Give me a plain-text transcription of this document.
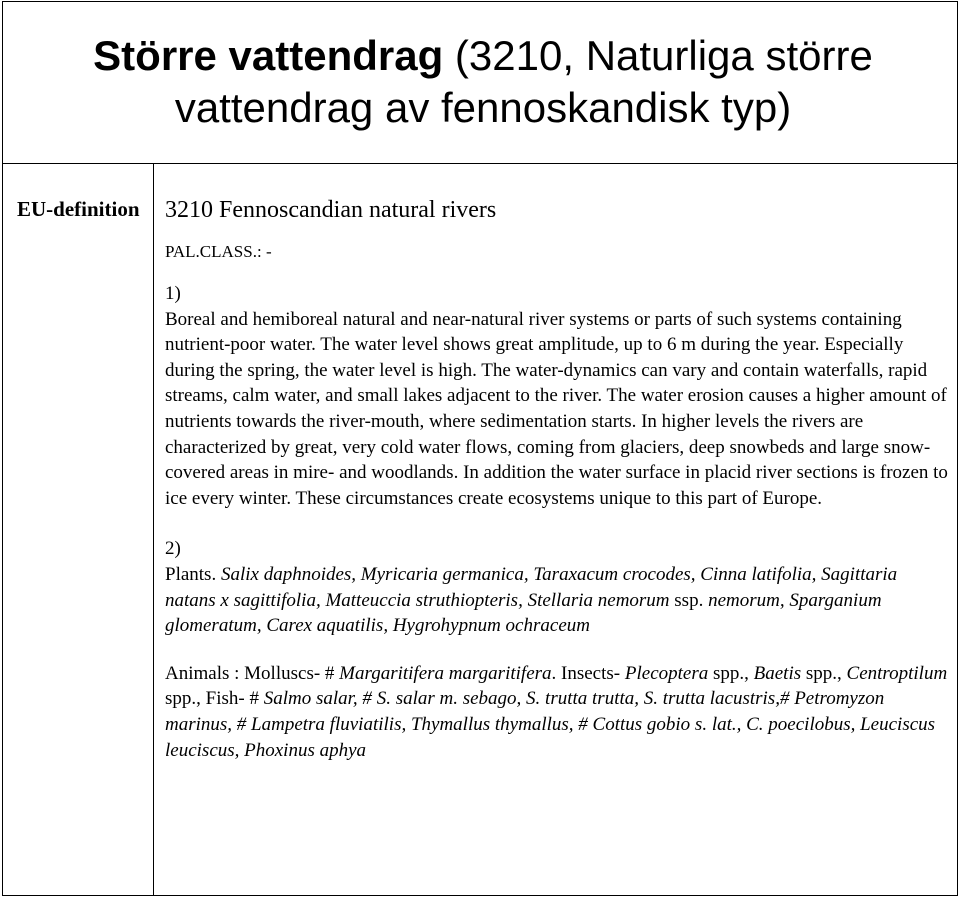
Större vattendrag (3210, Naturliga större vattendrag av fennoskandisk typ)
EU-definition	3210 Fennoscandian natural rivers

PAL.CLASS.: -

1)

Boreal and hemiboreal natural and near-natural river systems or parts of such systems containing nutrient-poor water. The water level shows great amplitude, up to 6 m during the year. Especially during the spring, the water level is high. The water-dynamics can vary and contain waterfalls, rapid streams, calm water, and small lakes adjacent to the river. The water erosion causes a higher amount of nutrients towards the river-mouth, where sedimentation starts. In higher levels the rivers are characterized by great, very cold water flows, coming from glaciers, deep snowbeds and large snow-covered areas in mire- and woodlands. In addition the water surface in placid river sections is frozen to ice every winter. These circumstances create ecosystems unique to this part of Europe.

2)

Plants. Salix daphnoides, Myricaria germanica, Taraxacum crocodes, Cinna latifolia, Sagittaria natans x sagittifolia, Matteuccia struthiopteris, Stellaria nemorum ssp. nemorum, Sparganium glomeratum, Carex aquatilis, Hygrohypnum ochraceum

Animals : Molluscs- # Margaritifera margaritifera. Insects- Plecoptera spp., Baetis spp., Centroptilum spp., Fish- # Salmo salar, # S. salar m. sebago, S. trutta trutta, S. trutta lacustris,# Petromyzon marinus, # Lampetra fluviatilis, Thymallus thymallus, # Cottus gobio s. lat., C. poecilobus, Leuciscus leuciscus, Phoxinus aphya
